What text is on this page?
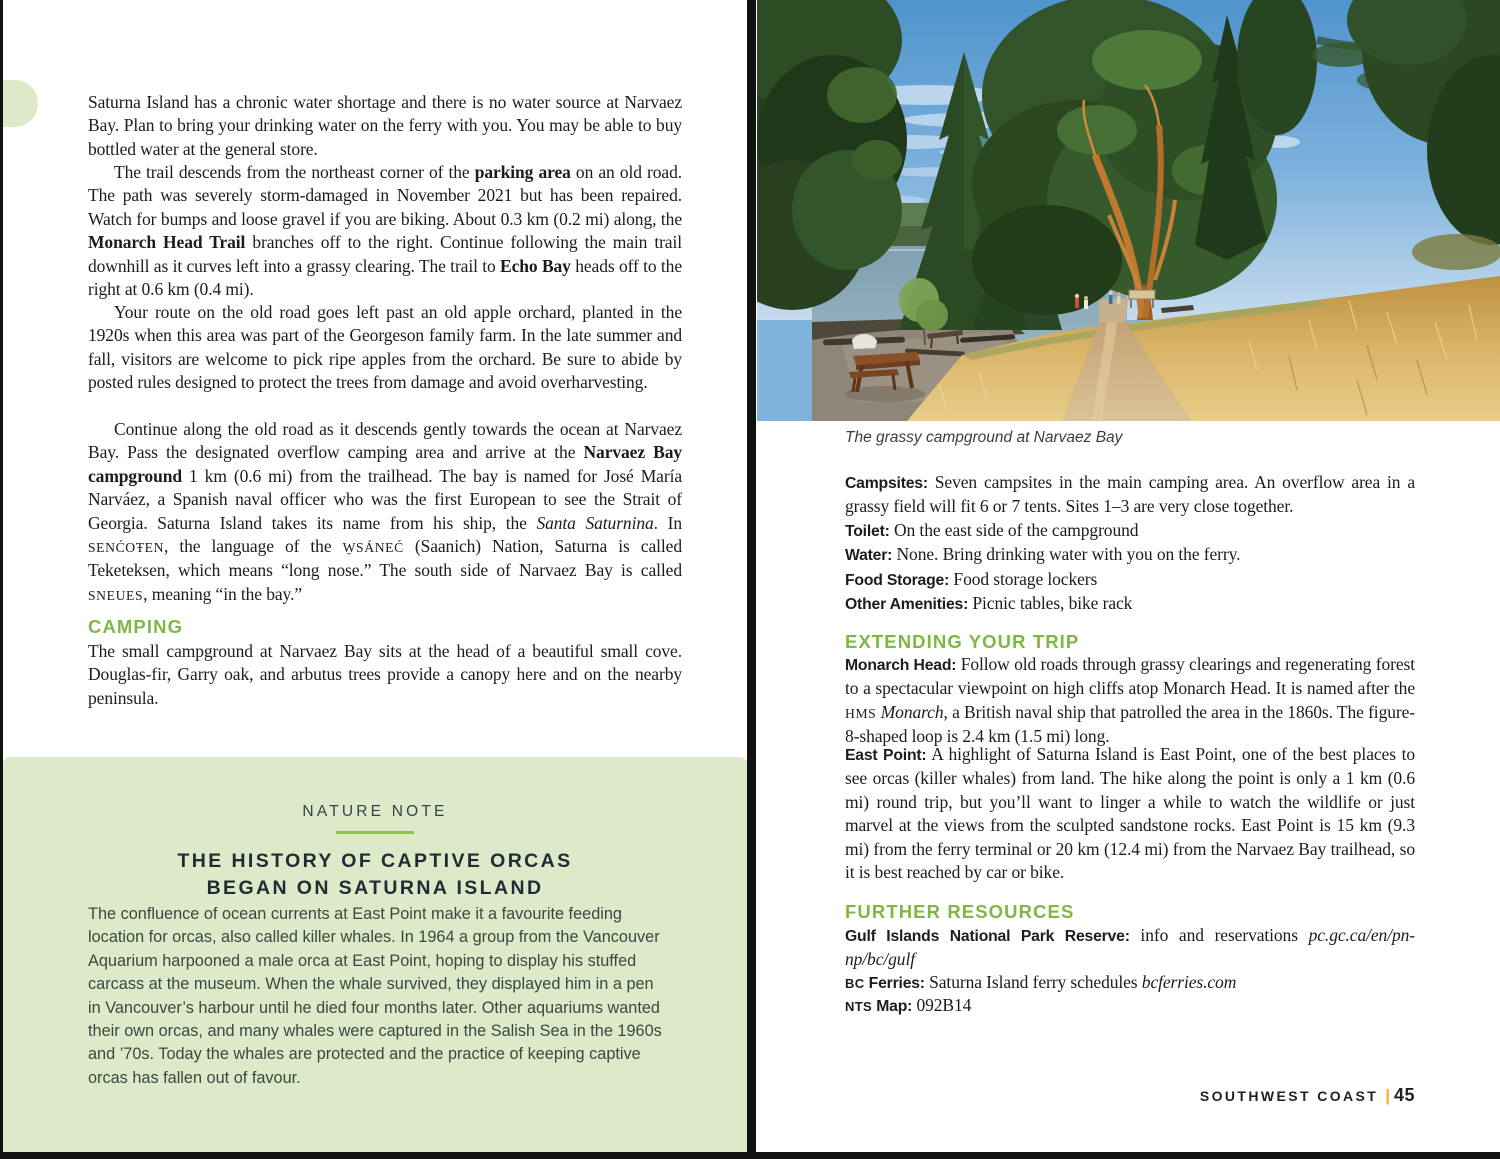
Saturna Island has a chronic water shortage and there is no water source at Narvaez Bay. Plan to bring your drinking water on the ferry with you. You may be able to buy bottled water at the general store.

The trail descends from the northeast corner of the parking area on an old road. The path was severely storm-damaged in November 2021 but has been repaired. Watch for bumps and loose gravel if you are biking. About 0.3 km (0.2 mi) along, the Monarch Head Trail branches off to the right. Continue following the main trail downhill as it curves left into a grassy clearing. The trail to Echo Bay heads off to the right at 0.6 km (0.4 mi).

Your route on the old road goes left past an old apple orchard, planted in the 1920s when this area was part of the Georgeson family farm. In the late summer and fall, visitors are welcome to pick ripe apples from the orchard. Be sure to abide by posted rules designed to protect the trees from damage and avoid overharvesting.

Continue along the old road as it descends gently towards the ocean at Narvaez Bay. Pass the designated overflow camping area and arrive at the Narvaez Bay campground 1 km (0.6 mi) from the trailhead. The bay is named for José María Narváez, a Spanish naval officer who was the first European to see the Strait of Georgia. Saturna Island takes its name from his ship, the Santa Saturnina. In SENĆOŦEN, the language of the W̱SÁNEĆ (Saanich) Nation, Saturna is called Teketeksen, which means “long nose.” The south side of Narvaez Bay is called SNEUES, meaning “in the bay.”

CAMPING

The small campground at Narvaez Bay sits at the head of a beautiful small cove. Douglas-fir, Garry oak, and arbutus trees provide a canopy here and on the nearby peninsula.

NATURE NOTE
THE HISTORY OF CAPTIVE ORCAS
BEGAN ON SATURNA ISLAND

The confluence of ocean currents at East Point make it a favourite feeding location for orcas, also called killer whales. In 1964 a group from the Vancouver Aquarium harpooned a male orca at East Point, hoping to display his stuffed carcass at the museum. When the whale survived, they displayed him in a pen in Vancouver’s harbour until he died four months later. Other aquariums wanted their own orcas, and many whales were captured in the Salish Sea in the 1960s and ’70s. Today the whales are protected and the practice of keeping captive orcas has fallen out of favour.

The grassy campground at Narvaez Bay

Campsites: Seven campsites in the main camping area. An overflow area in a grassy field will fit 6 or 7 tents. Sites 1–3 are very close together.

Toilet: On the east side of the campground

Water: None. Bring drinking water with you on the ferry.

Food Storage: Food storage lockers

Other Amenities: Picnic tables, bike rack

EXTENDING YOUR TRIP

Monarch Head: Follow old roads through grassy clearings and regenerating forest to a spectacular viewpoint on high cliffs atop Monarch Head. It is named after the HMS Monarch, a British naval ship that patrolled the area in the 1860s. The figure-8-shaped loop is 2.4 km (1.5 mi) long.

East Point: A highlight of Saturna Island is East Point, one of the best places to see orcas (killer whales) from land. The hike along the point is only a 1 km (0.6 mi) round trip, but you’ll want to linger a while to watch the wildlife or just marvel at the views from the sculpted sandstone rocks. East Point is 15 km (9.3 mi) from the ferry terminal or 20 km (12.4 mi) from the Narvaez Bay trailhead, so it is best reached by car or bike.

FURTHER RESOURCES

Gulf Islands National Park Reserve: info and reservations pc.gc.ca/en/pn-np/bc/gulf

BC Ferries: Saturna Island ferry schedules bcferries.com

NTS Map: 092B14

SOUTHWEST COAST | 45
